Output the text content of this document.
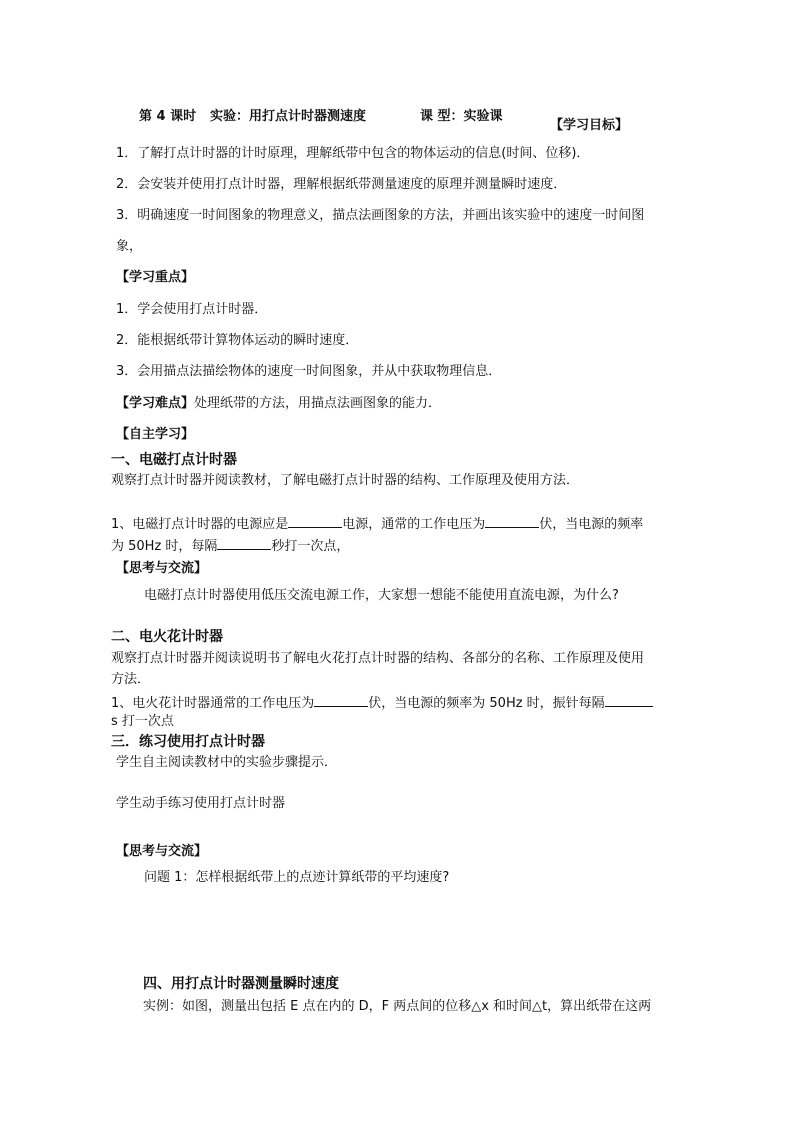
第 4 课时 实验：用打点计时器测速度	课 型：实验课
【学习目标】
1．了解打点计时器的计时原理，理解纸带中包含的物体运动的信息(时间、位移)．
2．会安装并使用打点计时器，理解根据纸带测量速度的原理并测量瞬时速度．
3．明确速度一时间图象的物理意义，描点法画图象的方法，并画出该实验中的速度一时间图
象，
【学习重点】
1．学会使用打点计时器．
2．能根据纸带计算物体运动的瞬时速度．
3．会用描点法描绘物体的速度一时间图象，并从中获取物理信息．
【学习难点】处理纸带的方法，用描点法画图象的能力．
【自主学习】
一、电磁打点计时器
观察打点计时器并阅读教材，了解电磁打点计时器的结构、工作原理及使用方法．
1、电磁打点计时器的电源应是	电源，通常的工作电压为	伏，当电源的频率
为 50Hz 时，每隔	秒打一次点，
【思考与交流】
电磁打点计时器使用低压交流电源工作，大家想一想能不能使用直流电源，为什么?
二、电火花计时器
观察打点计时器并阅读说明书了解电火花打点计时器的结构、各部分的名称、工作原理及使用
方法．
1、电火花计时器通常的工作电压为	伏，当电源的频率为 50Hz 时，振针每隔
s 打一次点
三．练习使用打点计时器
学生自主阅读教材中的实验步骤提示．
学生动手练习使用打点计时器
【思考与交流】
问题 1：怎样根据纸带上的点迹计算纸带的平均速度?
四、用打点计时器测量瞬时速度
实例：如图，测量出包括 E 点在内的 D，F 两点间的位移△x 和时间△t，算出纸带在这两
